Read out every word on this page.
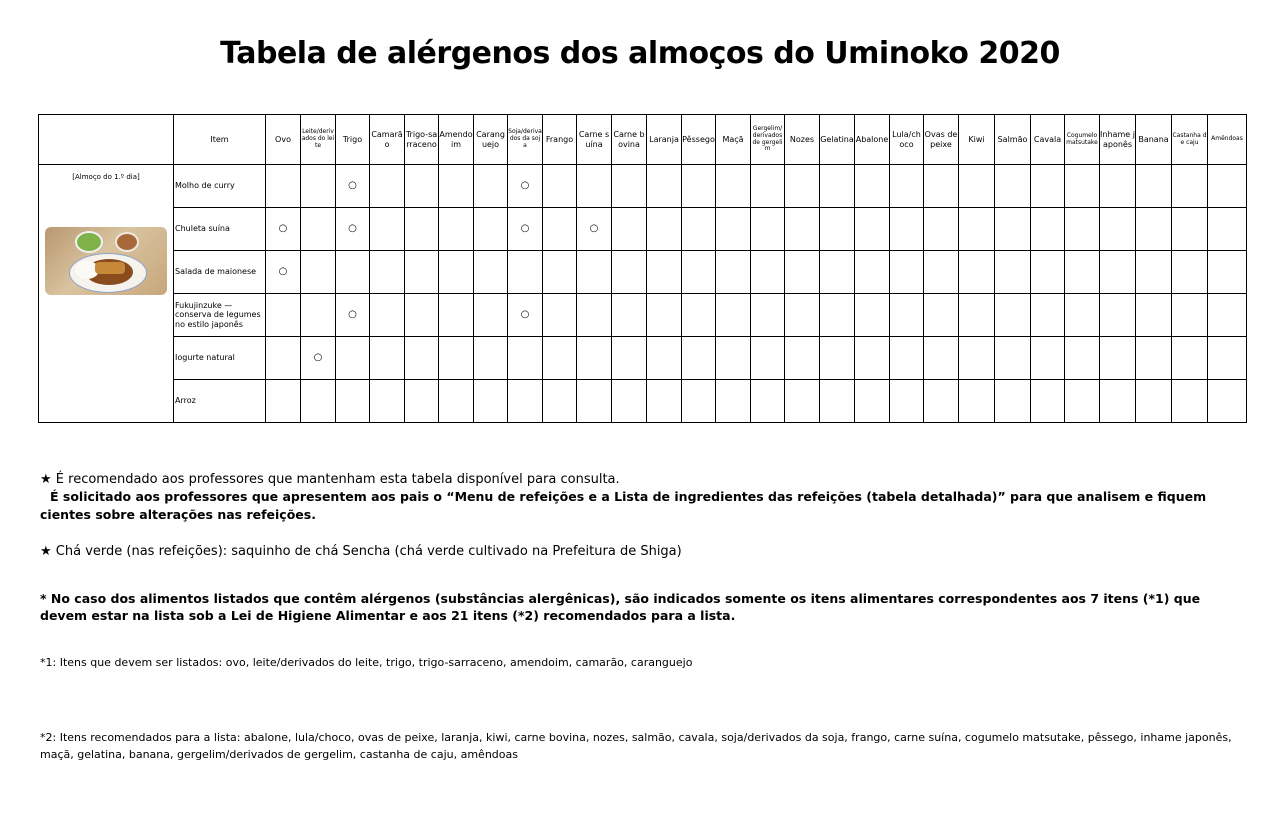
Tabela de alérgenos dos almoços do Uminoko 2020
	Item	Ovo	Leite/derivados do leite	Trigo	Camarão	Trigo-sarraceno	Amendoim	Caranguejo	Soja/derivados da soja	Frango	Carne suína	Carne bovina	Laranja	Pêssego	Maçã	Gergelim/derivados de gergelim	Nozes	Gelatina	Abalone	Lula/choco	Ovas de peixe	Kiwi	Salmão	Cavala	Cogumelo matsutake	Inhame japonês	Banana	Castanha de caju	Amêndoas

[Almoço do 1.º dia]	Molho de curry			○					○																				
	Chuleta suína	○		○					○		○																		
	Salada de maionese	○																											
	Fukujinzuke — conserva de legumes no estilo japonês			○					○																				
	Iogurte natural		○																										
	Arroz																												

★ É recomendado aos professores que mantenham esta tabela disponível para consulta.
É solicitado aos professores que apresentem aos pais o “Menu de refeições e a Lista de ingredientes das refeições (tabela detalhada)” para que analisem e fiquem cientes sobre alterações nas refeições.

★ Chá verde (nas refeições): saquinho de chá Sencha (chá verde cultivado na Prefeitura de Shiga)

* No caso dos alimentos listados que contêm alérgenos (substâncias alergênicas), são indicados somente os itens alimentares correspondentes aos 7 itens (*1) que devem estar na lista sob a Lei de Higiene Alimentar e aos 21 itens (*2) recomendados para a lista.

*1: Itens que devem ser listados: ovo, leite/derivados do leite, trigo, trigo-sarraceno, amendoim, camarão, caranguejo

*2: Itens recomendados para a lista: abalone, lula/choco, ovas de peixe, laranja, kiwi, carne bovina, nozes, salmão, cavala, soja/derivados da soja, frango, carne suína, cogumelo matsutake, pêssego, inhame japonês, maçã, gelatina, banana, gergelim/derivados de gergelim, castanha de caju, amêndoas
